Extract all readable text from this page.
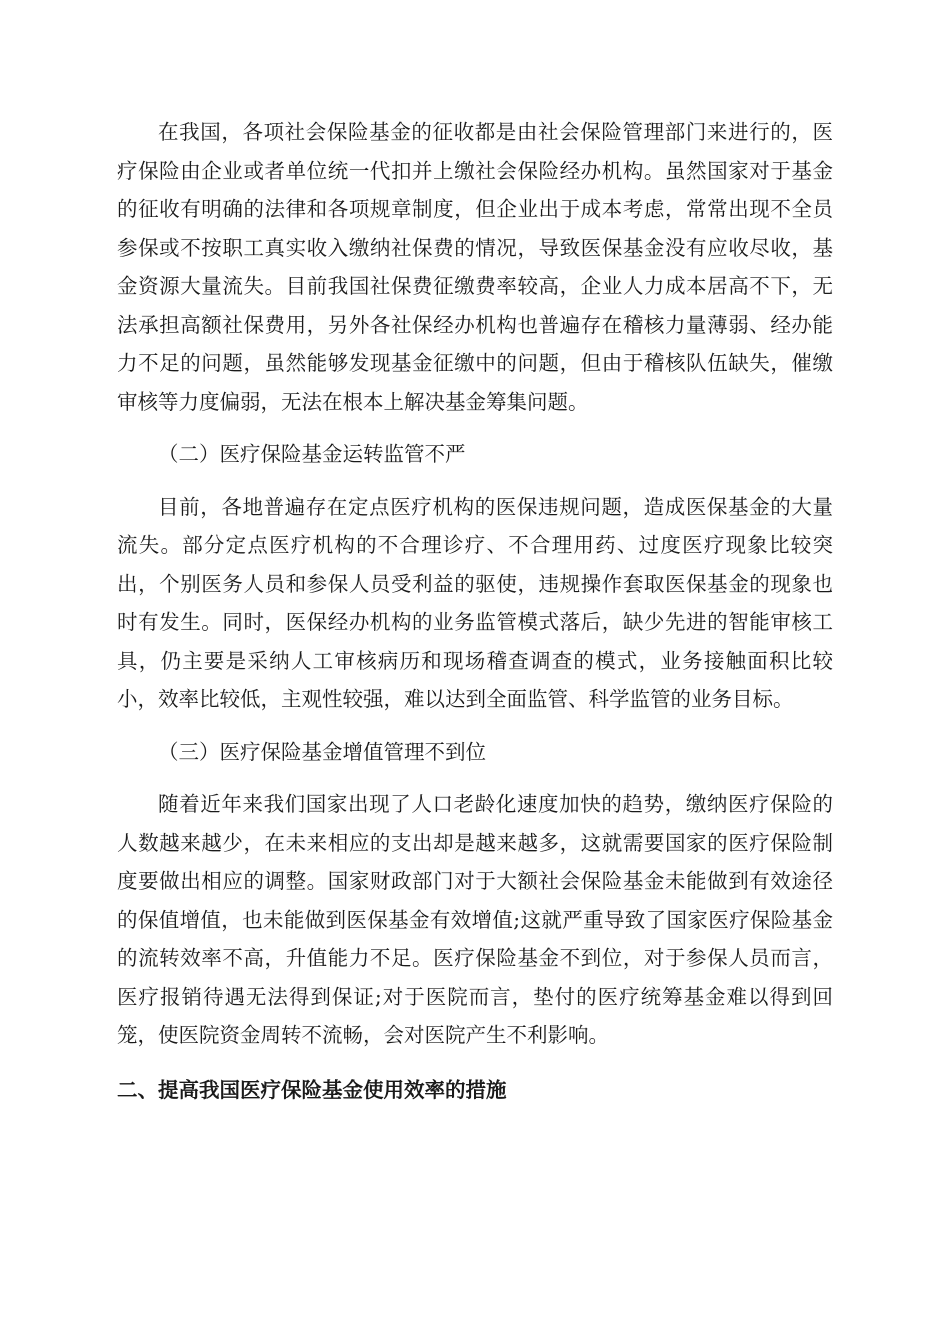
在我国，各项社会保险基金的征收都是由社会保险管理部门来进行的，医疗保险由企业或者单位统一代扣并上缴社会保险经办机构。虽然国家对于基金的征收有明确的法律和各项规章制度，但企业出于成本考虑，常常出现不全员参保或不按职工真实收入缴纳社保费的情况，导致医保基金没有应收尽收，基金资源大量流失。目前我国社保费征缴费率较高，企业人力成本居高不下，无法承担高额社保费用，另外各社保经办机构也普遍存在稽核力量薄弱、经办能力不足的问题，虽然能够发现基金征缴中的问题，但由于稽核队伍缺失，催缴审核等力度偏弱，无法在根本上解决基金筹集问题。

（二）医疗保险基金运转监管不严

目前，各地普遍存在定点医疗机构的医保违规问题，造成医保基金的大量流失。部分定点医疗机构的不合理诊疗、不合理用药、过度医疗现象比较突出，个别医务人员和参保人员受利益的驱使，违规操作套取医保基金的现象也时有发生。同时，医保经办机构的业务监管模式落后，缺少先进的智能审核工具，仍主要是采纳人工审核病历和现场稽查调查的模式，业务接触面积比较小，效率比较低，主观性较强，难以达到全面监管、科学监管的业务目标。

（三）医疗保险基金增值管理不到位

随着近年来我们国家出现了人口老龄化速度加快的趋势，缴纳医疗保险的人数越来越少，在未来相应的支出却是越来越多，这就需要国家的医疗保险制度要做出相应的调整。国家财政部门对于大额社会保险基金未能做到有效途径的保值增值，也未能做到医保基金有效增值;这就严重导致了国家医疗保险基金的流转效率不高，升值能力不足。医疗保险基金不到位，对于参保人员而言，医疗报销待遇无法得到保证;对于医院而言，垫付的医疗统筹基金难以得到回笼，使医院资金周转不流畅，会对医院产生不利影响。

二、提高我国医疗保险基金使用效率的措施
